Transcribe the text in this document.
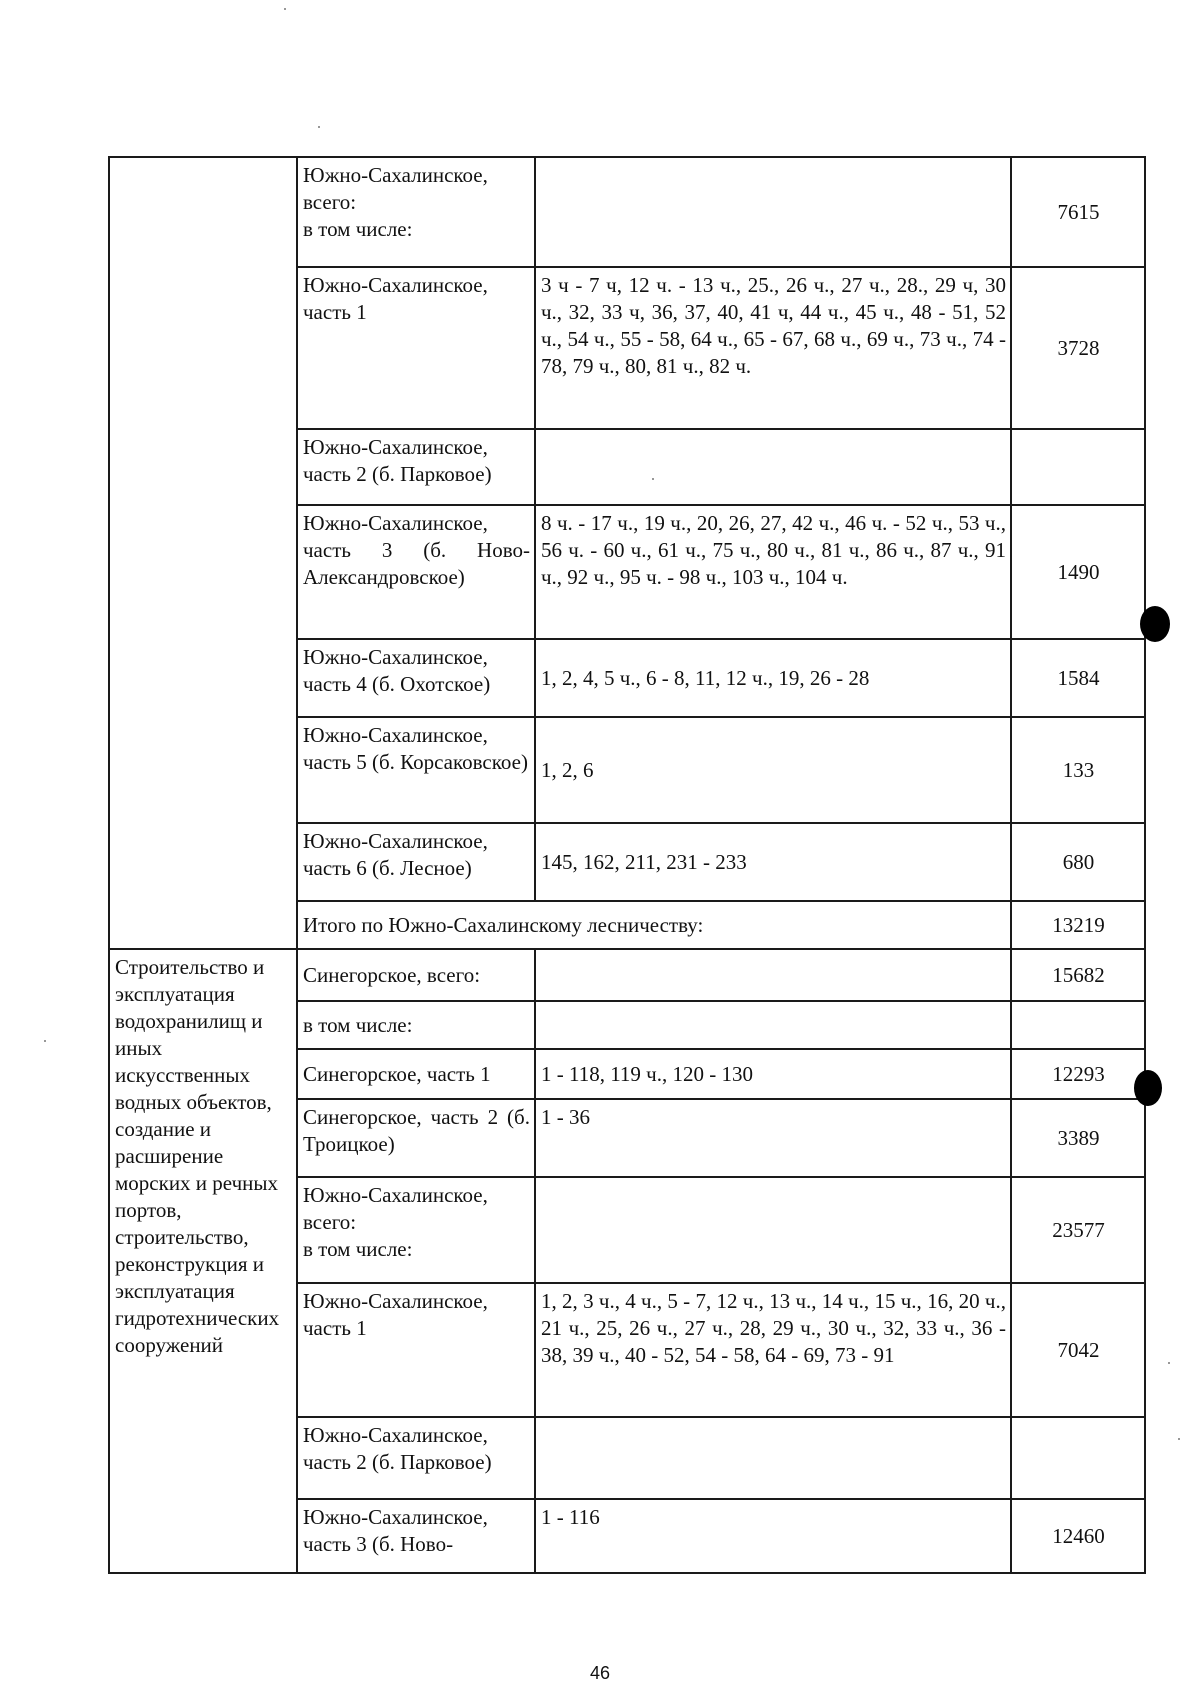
	Южно-Сахалинское,
всего:
в том числе:		7615

	Южно-Сахалинское,
часть 1	3 ч - 7 ч, 12 ч. - 13 ч., 25., 26 ч., 27 ч., 28., 29 ч, 30 ч., 32, 33 ч, 36, 37, 40, 41 ч, 44 ч., 45 ч., 48 - 51, 52 ч., 54 ч., 55 - 58, 64 ч., 65 - 67, 68 ч., 69 ч., 73 ч., 74 - 78, 79 ч., 80, 81 ч., 82 ч.	3728

	Южно-Сахалинское,
часть 2 (б. Парковое)		

	Южно-Сахалинское, часть 3 (б. Ново-Александровское)	8 ч. - 17 ч., 19 ч., 20, 26, 27, 42 ч., 46 ч. - 52 ч., 53 ч., 56 ч. - 60 ч., 61 ч., 75 ч., 80 ч., 81 ч., 86 ч., 87 ч., 91 ч., 92 ч., 95 ч. - 98 ч., 103 ч., 104 ч.	1490

	Южно-Сахалинское,
часть 4 (б. Охотское)	1, 2, 4, 5 ч., 6 - 8, 11, 12 ч., 19, 26 - 28	1584
	Южно-Сахалинское, часть 5 (б. Корсаковское)	1, 2, 6	133

	Южно-Сахалинское,
часть 6 (б. Лесное)	145, 162, 211, 231 - 233	680
	Итого по Южно-Сахалинскому лесничеству:		13219
Строительство и эксплуатация водохранилищ и иных искусственных водных объектов, создание и расширение морских и речных портов, строительство, реконструкция и эксплуатация гидротехнических сооружений	Синегорское, всего:		15682
	в том числе:		
	Синегорское, часть 1	1 - 118, 119 ч., 120 - 130	12293
	Синегорское, часть 2 (б. Троицкое)	1 - 36	3389

	Южно-Сахалинское,
всего:
в том числе:		23577

	Южно-Сахалинское,
часть 1	1, 2, 3 ч., 4 ч., 5 - 7, 12 ч., 13 ч., 14 ч., 15 ч., 16, 20 ч., 21 ч., 25, 26 ч., 27 ч., 28, 29 ч., 30 ч., 32, 33 ч., 36 - 38, 39 ч., 40 - 52, 54 - 58, 64 - 69, 73 - 91	7042

	Южно-Сахалинское,
часть 2 (б. Парковое)		

	Южно-Сахалинское, часть 3 (б. Ново-	1 - 116	12460
46
